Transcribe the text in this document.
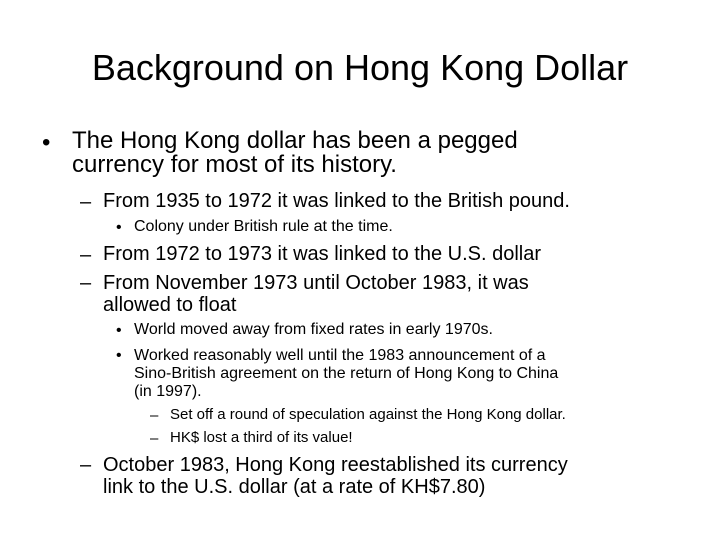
Background on Hong Kong Dollar
• The Hong Kong dollar has been a pegged
currency for most of its history.
– From 1935 to 1972 it was linked to the British pound.
• Colony under British rule at the time.
– From 1972 to 1973 it was linked to the U.S. dollar
– From November 1973 until October 1983, it was
allowed to float
• World moved away from fixed rates in early 1970s.
• Worked reasonably well until the 1983 announcement of a
Sino-British agreement on the return of Hong Kong to China
(in 1997).
– Set off a round of speculation against the Hong Kong dollar.
– HK$ lost a third of its value!
– October 1983, Hong Kong reestablished its currency
link to the U.S. dollar (at a rate of KH$7.80)
